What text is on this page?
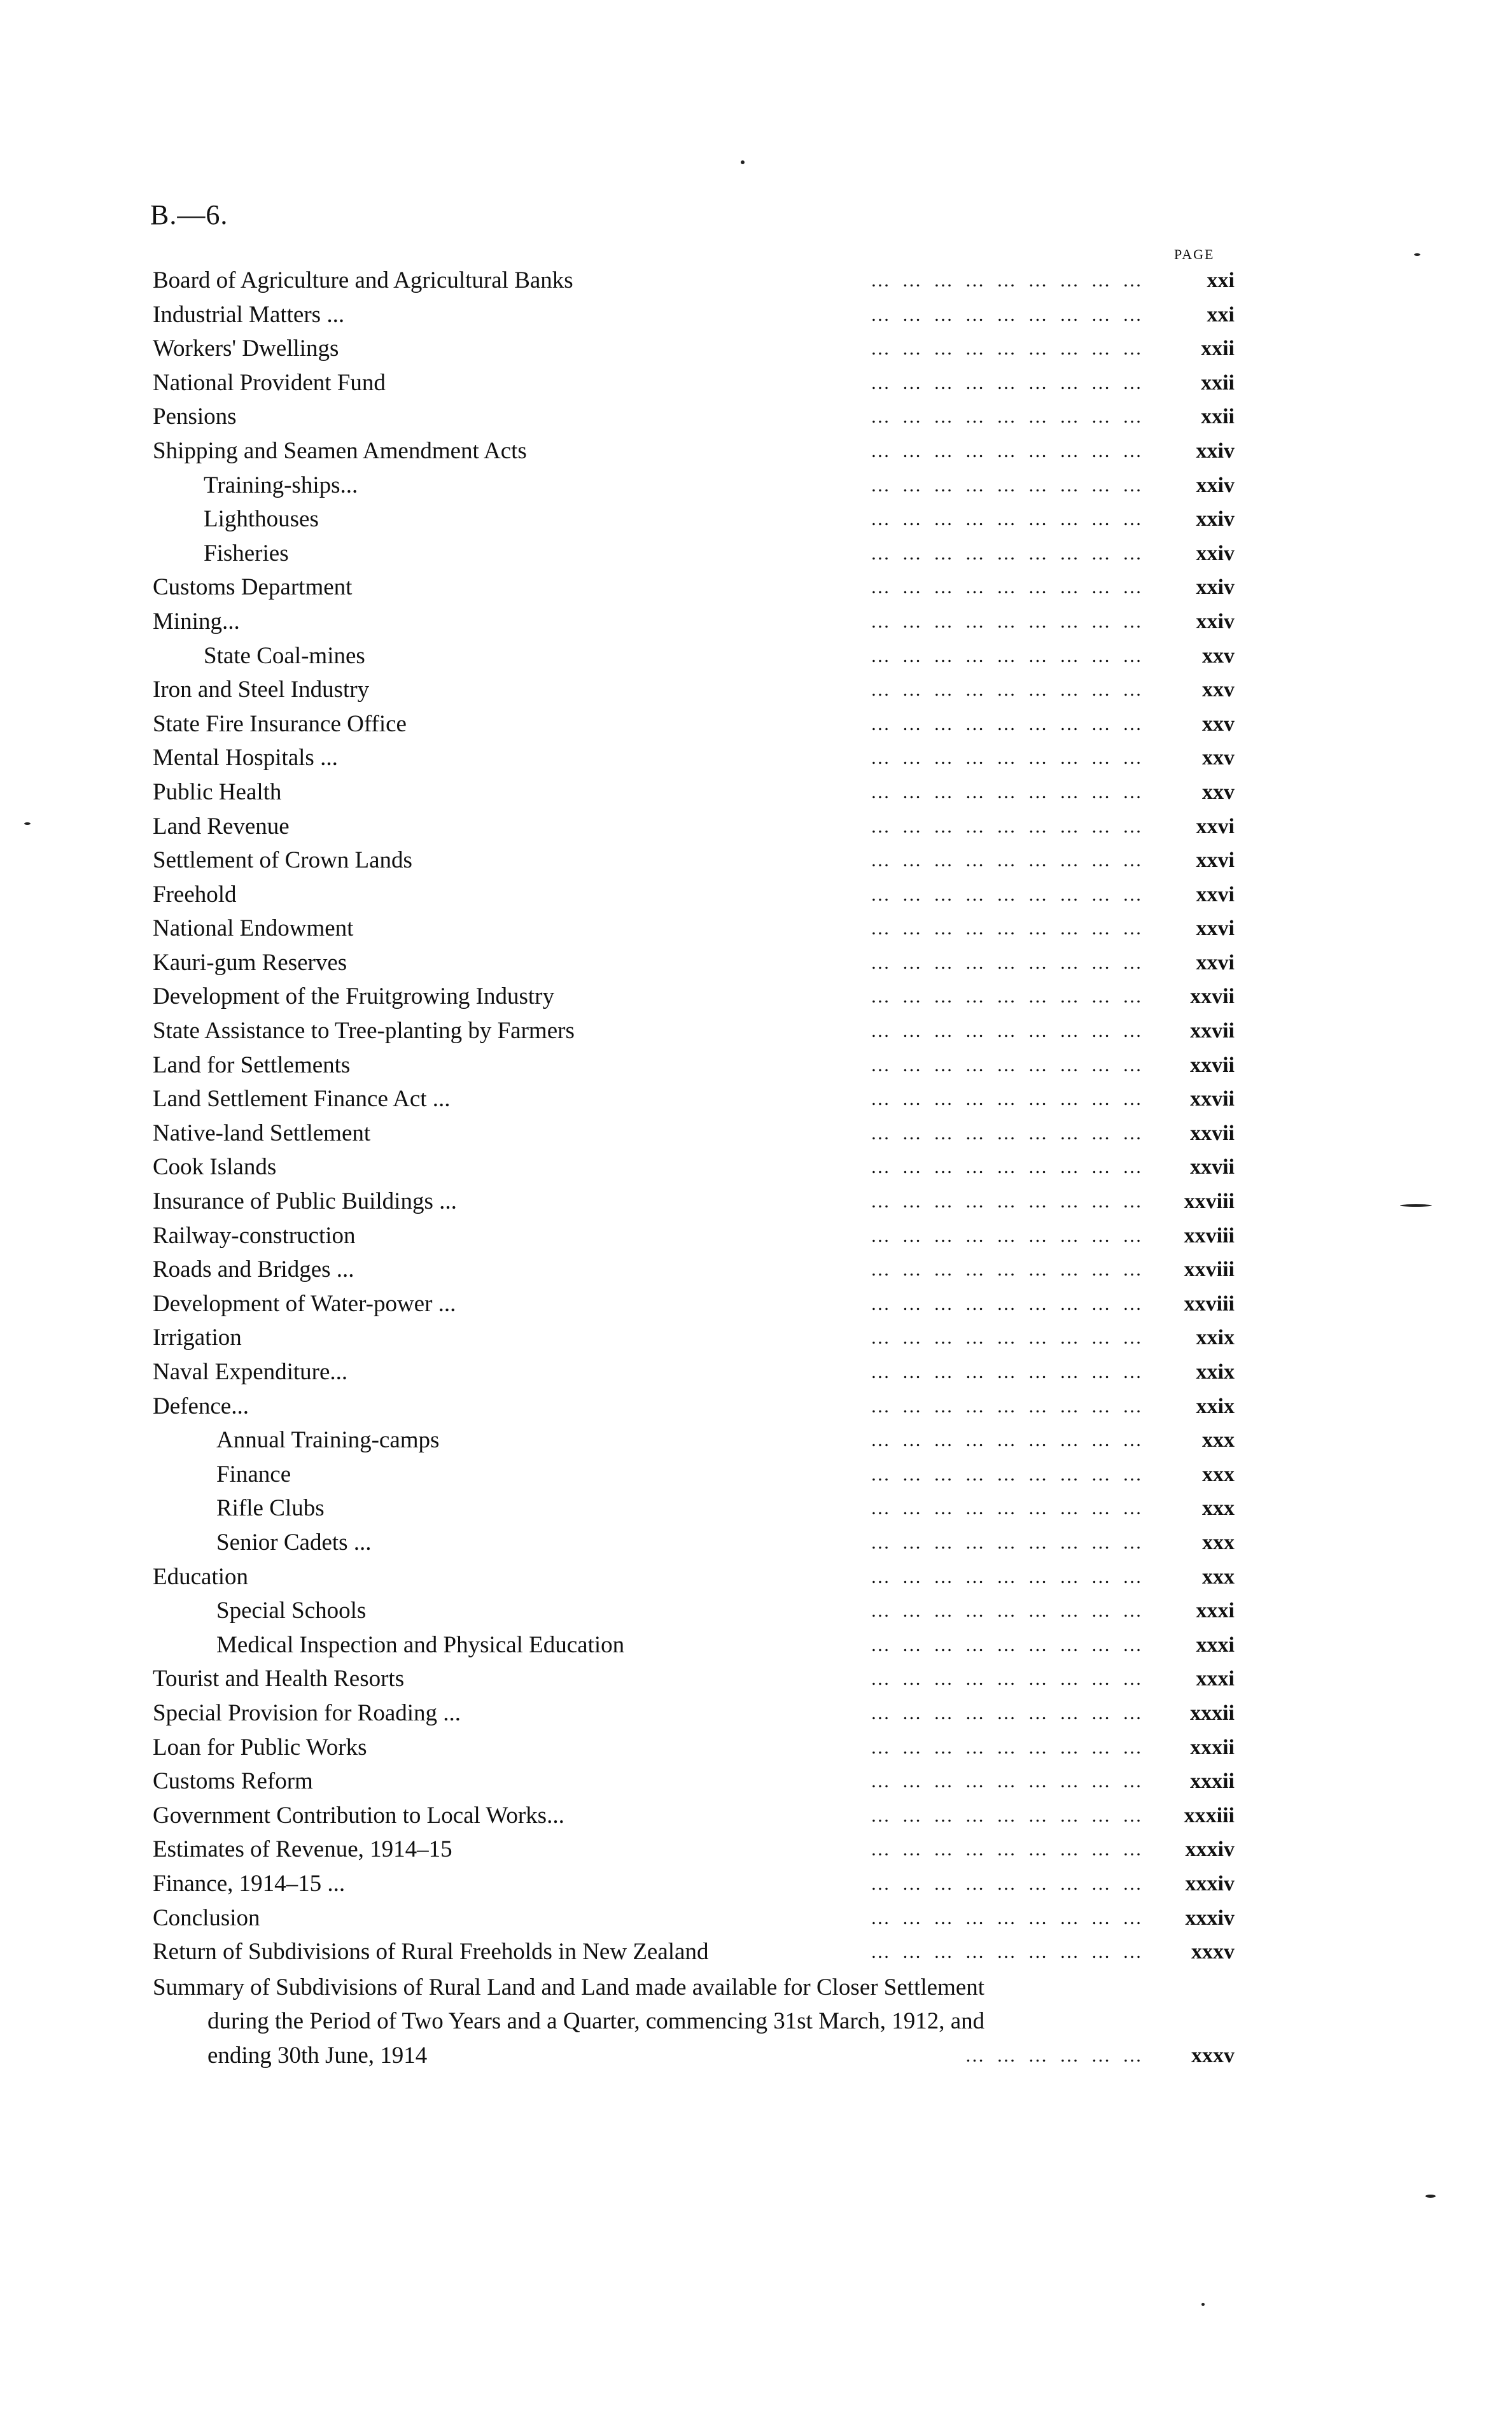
B.—6.
PAGE
… … … … … … … … …
Board of Agriculture and Agricultural Banks	xxi
… … … … … … … … …
Industrial Matters ...	xxi
… … … … … … … … …
Workers' Dwellings	xxii
… … … … … … … … …
National Provident Fund	xxii
… … … … … … … … …
Pensions	xxii
… … … … … … … … …
Shipping and Seamen Amendment Acts	xxiv
… … … … … … … … …
Training-ships...	xxiv
… … … … … … … … …
Lighthouses	xxiv
… … … … … … … … …
Fisheries	xxiv
… … … … … … … … …
Customs Department	xxiv
… … … … … … … … …
Mining...	xxiv
… … … … … … … … …
State Coal-mines	xxv
… … … … … … … … …
Iron and Steel Industry	xxv
… … … … … … … … …
State Fire Insurance Office	xxv
… … … … … … … … …
Mental Hospitals ...	xxv
… … … … … … … … …
Public Health	xxv
… … … … … … … … …
Land Revenue	xxvi
… … … … … … … … …
Settlement of Crown Lands	xxvi
… … … … … … … … …
Freehold	xxvi
… … … … … … … … …
National Endowment	xxvi
… … … … … … … … …
Kauri-gum Reserves	xxvi
… … … … … … … … …
Development of the Fruitgrowing Industry	xxvii
… … … … … … … … …
State Assistance to Tree-planting by Farmers	xxvii
… … … … … … … … …
Land for Settlements	xxvii
… … … … … … … … …
Land Settlement Finance Act ...	xxvii
… … … … … … … … …
Native-land Settlement	xxvii
… … … … … … … … …
Cook Islands	xxvii
… … … … … … … … …
Insurance of Public Buildings ...	xxviii
… … … … … … … … …
Railway-construction	xxviii
… … … … … … … … …
Roads and Bridges ...	xxviii
… … … … … … … … …
Development of Water-power ...	xxviii
… … … … … … … … …
Irrigation	xxix
… … … … … … … … …
Naval Expenditure...	xxix
… … … … … … … … …
Defence...	xxix
… … … … … … … … …
Annual Training-camps	xxx
… … … … … … … … …
Finance	xxx
… … … … … … … … …
Rifle Clubs	xxx
… … … … … … … … …
Senior Cadets ...	xxx
… … … … … … … … …
Education	xxx
… … … … … … … … …
Special Schools	xxxi
… … … … … … … … …
Medical Inspection and Physical Education	xxxi
… … … … … … … … …
Tourist and Health Resorts	xxxi
… … … … … … … … …
Special Provision for Roading ...	xxxii
… … … … … … … … …
Loan for Public Works	xxxii
… … … … … … … … …
Customs Reform	xxxii
… … … … … … … … …
Government Contribution to Local Works...	xxxiii
… … … … … … … … …
Estimates of Revenue, 1914–15	xxxiv
… … … … … … … … …
Finance, 1914–15 ...	xxxiv
… … … … … … … … …
Conclusion	xxxiv
… … … … … … … … …
Return of Subdivisions of Rural Freeholds in New Zealand	xxxv
Summary of Subdivisions of Rural Land and Land made available for Closer Settlement
during the Period of Two Years and a Quarter, commencing 31st March, 1912, and
… … … … … …
ending 30th June, 1914	xxxv
